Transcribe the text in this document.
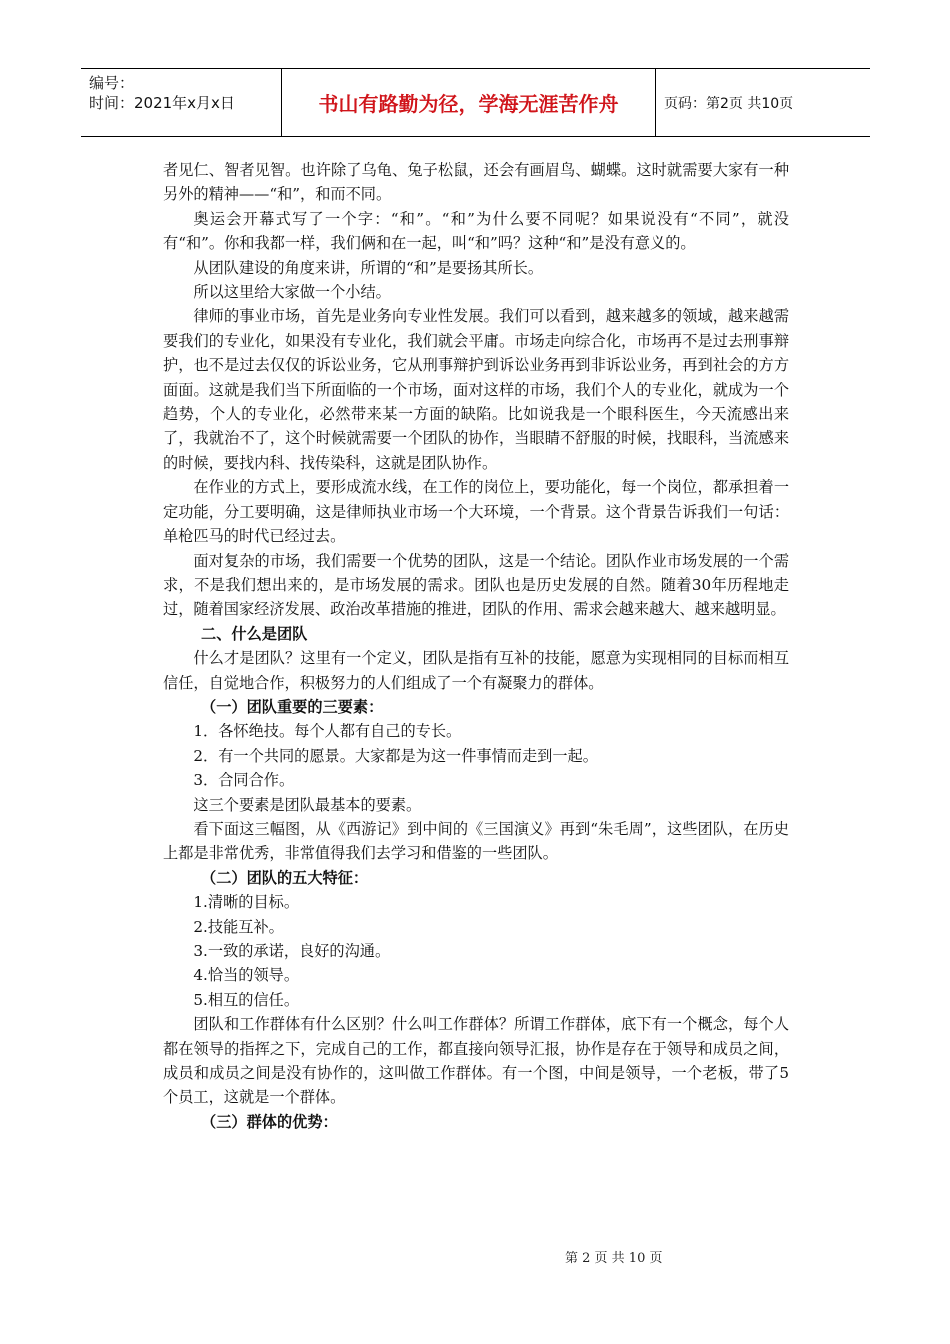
编号：
时间：2021年x月x日	书山有路勤为径，学海无涯苦作舟	页码：第2页 共10页

者见仁、智者见智。也许除了乌龟、兔子松鼠，还会有画眉鸟、蝴蝶。这时就需要大家有一种另外的精神——“和”，和而不同。

奥运会开幕式写了一个字：“和”。“和”为什么要不同呢？如果说没有“不同”，就没有“和”。你和我都一样，我们俩和在一起，叫“和”吗？这种“和”是没有意义的。

从团队建设的角度来讲，所谓的“和”是要扬其所长。

所以这里给大家做一个小结。

律师的事业市场，首先是业务向专业性发展。我们可以看到，越来越多的领域，越来越需要我们的专业化，如果没有专业化，我们就会平庸。市场走向综合化，市场再不是过去刑事辩护，也不是过去仅仅的诉讼业务，它从刑事辩护到诉讼业务再到非诉讼业务，再到社会的方方面面。这就是我们当下所面临的一个市场，面对这样的市场，我们个人的专业化，就成为一个趋势，个人的专业化，必然带来某一方面的缺陷。比如说我是一个眼科医生，今天流感出来了，我就治不了，这个时候就需要一个团队的协作，当眼睛不舒服的时候，找眼科，当流感来的时候，要找内科、找传染科，这就是团队协作。

在作业的方式上，要形成流水线，在工作的岗位上，要功能化，每一个岗位，都承担着一定功能，分工要明确，这是律师执业市场一个大环境，一个背景。这个背景告诉我们一句话：单枪匹马的时代已经过去。

面对复杂的市场，我们需要一个优势的团队，这是一个结论。团队作业市场发展的一个需求，不是我们想出来的，是市场发展的需求。团队也是历史发展的自然。随着30年历程地走过，随着国家经济发展、政治改革措施的推进，团队的作用、需求会越来越大、越来越明显。

二、什么是团队

什么才是团队？这里有一个定义，团队是指有互补的技能，愿意为实现相同的目标而相互信任，自觉地合作，积极努力的人们组成了一个有凝聚力的群体。

（一）团队重要的三要素：

1．各怀绝技。每个人都有自己的专长。

2．有一个共同的愿景。大家都是为这一件事情而走到一起。

3．合同合作。

这三个要素是团队最基本的要素。

看下面这三幅图，从《西游记》到中间的《三国演义》再到“朱毛周”，这些团队，在历史上都是非常优秀，非常值得我们去学习和借鉴的一些团队。

（二）团队的五大特征：

1.清晰的目标。

2.技能互补。

3.一致的承诺，良好的沟通。

4.恰当的领导。

5.相互的信任。

团队和工作群体有什么区别？什么叫工作群体？所谓工作群体，底下有一个概念，每个人都在领导的指挥之下，完成自己的工作，都直接向领导汇报，协作是存在于领导和成员之间，成员和成员之间是没有协作的，这叫做工作群体。有一个图，中间是领导，一个老板，带了5个员工，这就是一个群体。

（三）群体的优势：

第 2 页 共 10 页
